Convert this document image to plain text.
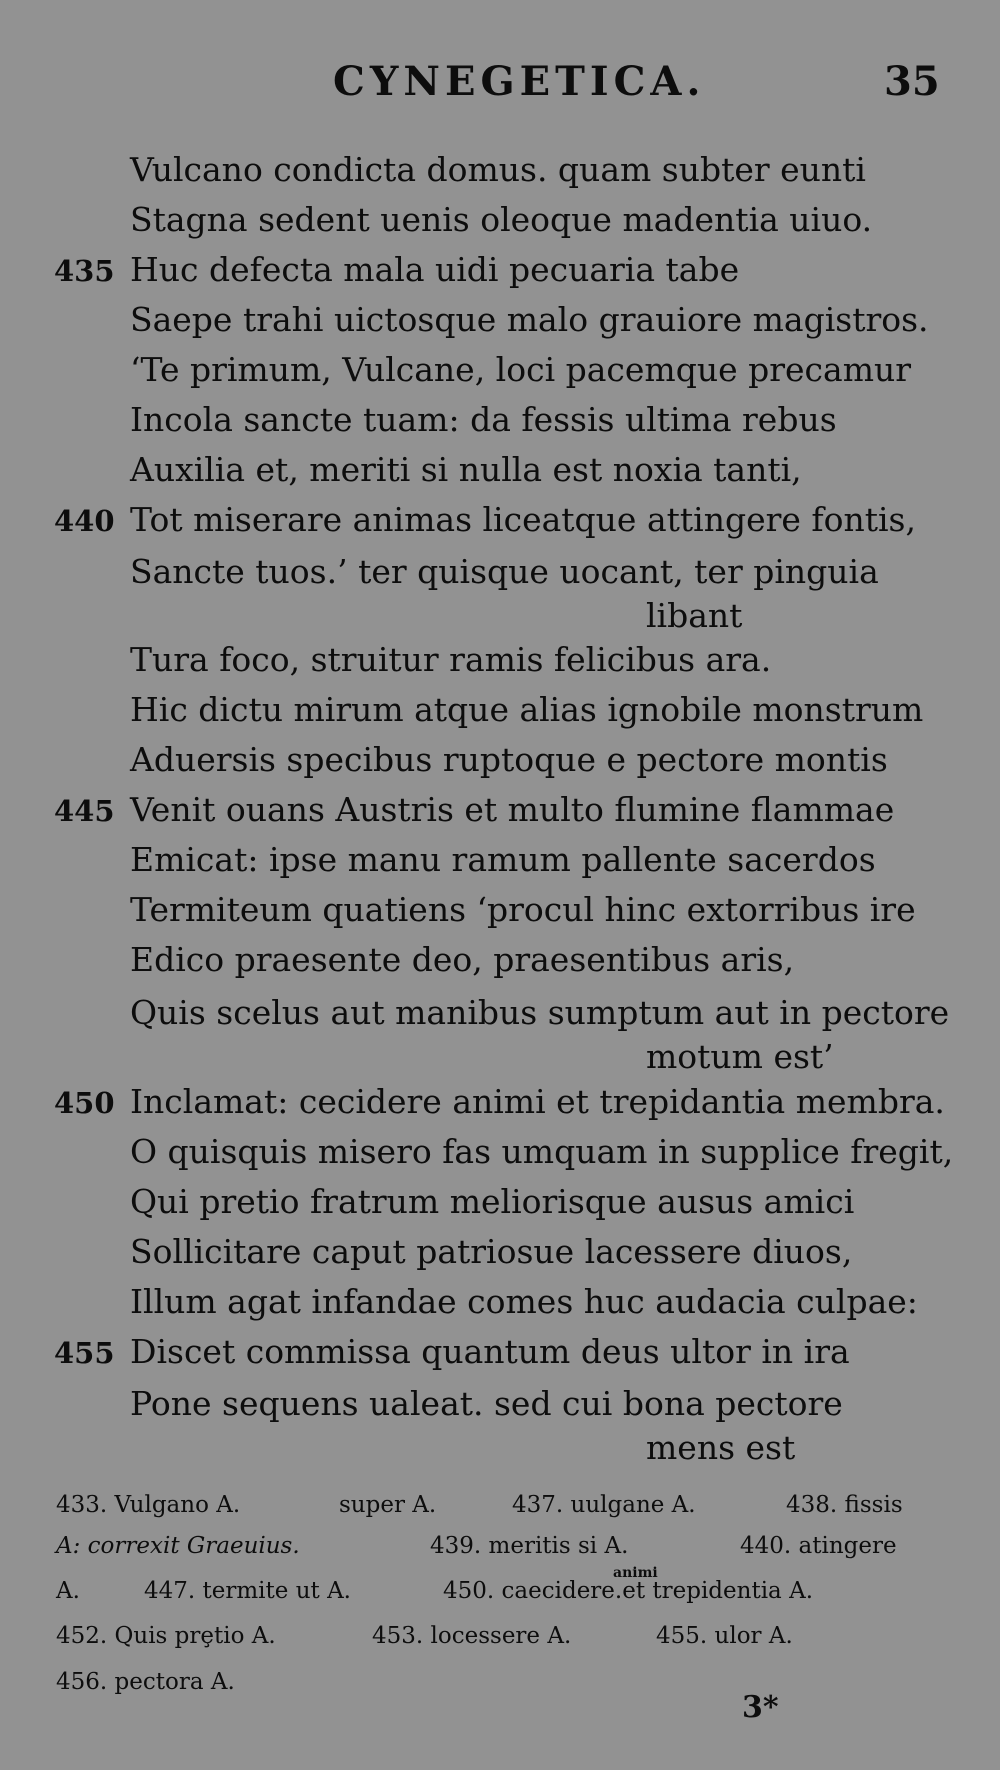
CYNEGETICA.	35
Vulcano condicta domus. quam subter eunti
Stagna sedent uenis oleoque madentia uiuo.
435 Huc defecta mala uidi pecuaria tabe
Saepe trahi uictosque malo grauiore magistros.
‘Te primum, Vulcane, loci pacemque precamur
Incola sancte tuam: da fessis ultima rebus
Auxilia et, meriti si nulla est noxia tanti,
440 Tot miserare animas liceatque attingere fontis,
Sancte tuos.’ ter quisque uocant, ter pinguia
libant
Tura foco, struitur ramis felicibus ara.
Hic dictu mirum atque alias ignobile monstrum
Aduersis specibus ruptoque e pectore montis
445 Venit ouans Austris et multo flumine flammae
Emicat: ipse manu ramum pallente sacerdos
Termiteum quatiens ‘procul hinc extorribus ire
Edico praesente deo, praesentibus aris,
Quis scelus aut manibus sumptum aut in pectore
motum est’
450 Inclamat: cecidere animi et trepidantia membra.
O quisquis misero fas umquam in supplice fregit,
Qui pretio fratrum meliorisque ausus amici
Sollicitare caput patriosue lacessere diuos,
Illum agat infandae comes huc audacia culpae:
455 Discet commissa quantum deus ultor in ira
Pone sequens ualeat. sed cui bona pectore
mens est
433. Vulgano A.	super A.	437. uulgane A.	438. fissis
A: correxit Graeuius.	439. meritis si A.	440. atingere
A.	447. termite ut A.	450. caecidere.et trepidentia A.
452. Quis prȩtio A.	453. locessere A.	455. ulor A.
456. pectora A.
animi
3*
